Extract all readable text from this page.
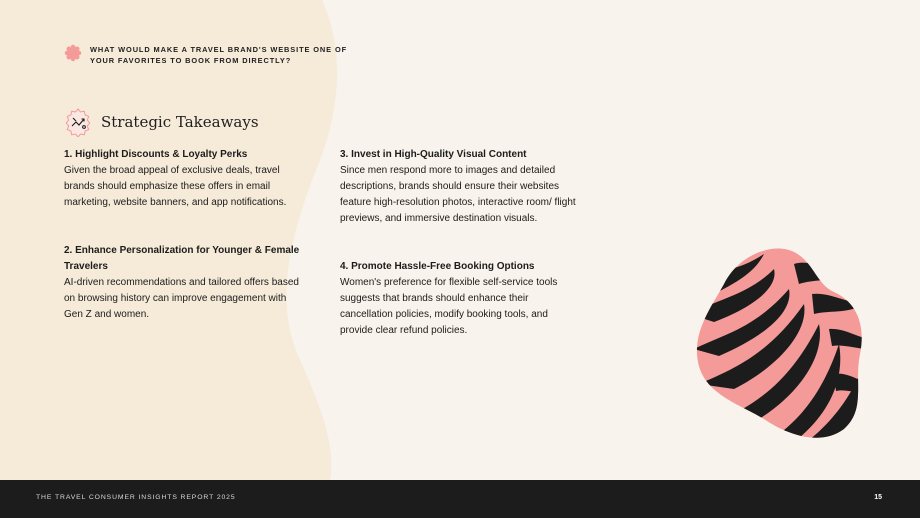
WHAT WOULD MAKE A TRAVEL BRAND'S WEBSITE ONE OF YOUR FAVORITES TO BOOK FROM DIRECTLY?
Strategic Takeaways
1. Highlight Discounts & Loyalty Perks
Given the broad appeal of exclusive deals, travel brands should emphasize these offers in email marketing, website banners, and app notifications.
2. Enhance Personalization for Younger & Female Travelers
AI-driven recommendations and tailored offers based on browsing history can improve engagement with Gen Z and women.
3. Invest in High-Quality Visual Content
Since men respond more to images and detailed descriptions, brands should ensure their websites feature high-resolution photos, interactive room/ flight previews, and immersive destination visuals.
4. Promote Hassle-Free Booking Options
Women's preference for flexible self-service tools suggests that brands should enhance their cancellation policies, modify booking tools, and provide clear refund policies.
THE TRAVEL CONSUMER INSIGHTS REPORT 2025	15
